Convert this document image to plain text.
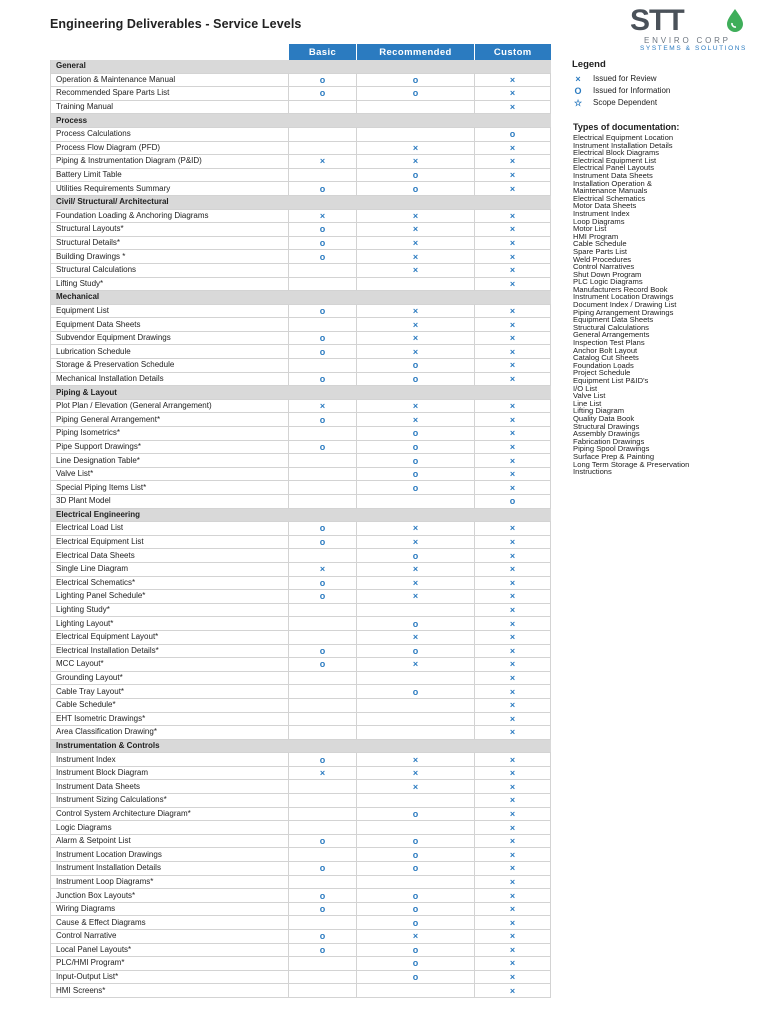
Engineering Deliverables - Service Levels	STT
ENVIRO CORP
SYSTEMS & SOLUTIONS
	Basic	Recommended	Custom
General			
Operation & Maintenance Manual	o	o	×
Recommended Spare Parts List	o	o	×
Training Manual			×
Process			
Process Calculations			o
Process Flow Diagram (PFD)		×	×
Piping & Instrumentation Diagram (P&ID)	×	×	×
Battery Limit Table		o	×
Utilities Requirements Summary	o	o	×
Civil/ Structural/ Architectural			
Foundation Loading & Anchoring Diagrams	×	×	×
Structural Layouts*	o	×	×
Structural Details*	o	×	×
Building Drawings *	o	×	×
Structural Calculations		×	×
Lifting Study*			×
Mechanical			
Equipment List	o	×	×
Equipment Data Sheets		×	×
Subvendor Equipment Drawings	o	×	×
Lubrication Schedule	o	×	×
Storage & Preservation Schedule		o	×
Mechanical Installation Details	o	o	×
Piping & Layout			
Plot Plan / Elevation (General Arrangement)	×	×	×
Piping General Arrangement*	o	×	×
Piping Isometrics*		o	×
Pipe Support Drawings*	o	o	×
Line Designation Table*		o	×
Valve List*		o	×
Special Piping Items List*		o	×
3D Plant Model			o
Electrical Engineering			
Electrical Load List	o	×	×
Electrical Equipment List	o	×	×
Electrical Data Sheets		o	×
Single Line Diagram	×	×	×
Electrical Schematics*	o	×	×
Lighting Panel Schedule*	o	×	×
Lighting Study*			×
Lighting Layout*		o	×
Electrical Equipment Layout*		×	×
Electrical Installation Details*	o	o	×
MCC Layout*	o	×	×
Grounding Layout*			×
Cable Tray Layout*		o	×
Cable Schedule*			×
EHT Isometric Drawings*			×
Area Classification Drawing*			×
Instrumentation & Controls			
Instrument Index	o	×	×
Instrument Block Diagram	×	×	×
Instrument Data Sheets		×	×
Instrument Sizing Calculations*			×
Control System Architecture Diagram*		o	×
Logic Diagrams			×
Alarm & Setpoint List	o	o	×
Instrument Location Drawings		o	×
Instrument Installation Details	o	o	×
Instrument Loop Diagrams*			×
Junction Box Layouts*	o	o	×
Wiring Diagrams	o	o	×
Cause & Effect Diagrams		o	×
Control Narrative	o	×	×
Local Panel Layouts*	o	o	×
PLC/HMI Program*		o	×
Input-Output List*		o	×
HMI Screens*			×
Legend
×	Issued for Review
O	Issued for Information
☆ Scope Dependent
Types of documentation:
Electrical Equipment Location
Instrument Installation Details
Electrical Block Diagrams
Electrical Equipment List
Electrical Panel Layouts
Instrument Data Sheets
Installation Operation &
Maintenance Manuals
Electrical Schematics
Motor Data Sheets
Instrument Index
Loop Diagrams
Motor List
HMI Program
Cable Schedule
Spare Parts List
Weld Procedures
Control Narratives
Shut Down Program
PLC Logic Diagrams
Manufacturers Record Book
Instrument Location Drawings
Document Index / Drawing List
Piping Arrangement Drawings
Equipment Data Sheets
Structural Calculations
General Arrangements
Inspection Test Plans
Anchor Bolt Layout
Catalog Cut Sheets
Foundation Loads
Project Schedule
Equipment List P&ID's
I/O List
Valve List
Line List
Lifting Diagram
Quality Data Book
Structural Drawings
Assembly Drawings
Fabrication Drawings
Piping Spool Drawings
Surface Prep & Painting
Long Term Storage & Preservation
Instructions
